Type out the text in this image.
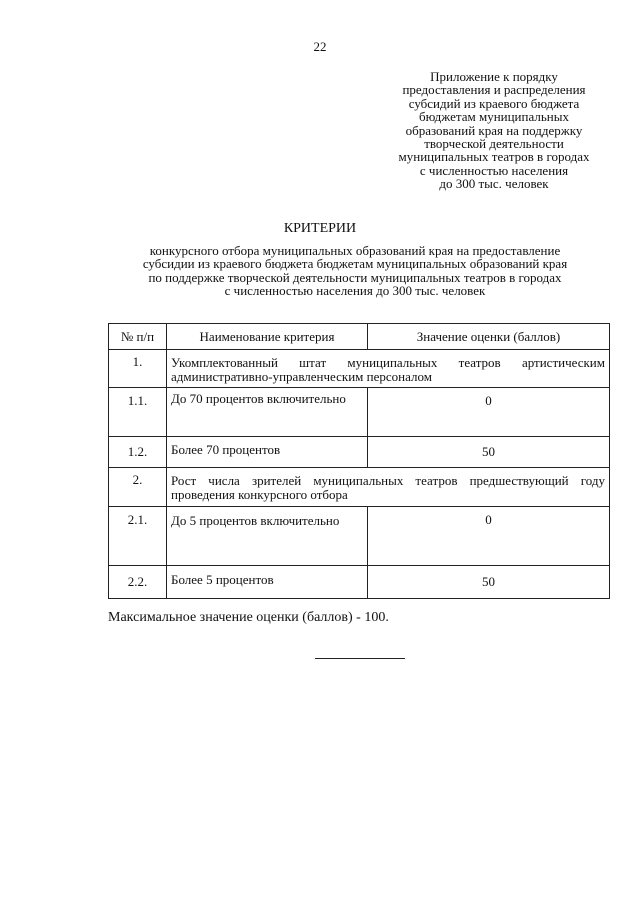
22
Приложение к порядку
предоставления и распределения
субсидий из краевого бюджета
бюджетам муниципальных
образований края на поддержку
творческой деятельности
муниципальных театров в городах
с численностью населения
до 300 тыс. человек
КРИТЕРИИ
конкурсного отбора муниципальных образований края на предоставление
субсидии из краевого бюджета бюджетам муниципальных образований края
по поддержке творческой деятельности муниципальных театров в городах
с численностью населения до 300 тыс. человек
№ п/п	Наименование критерия	Значение оценки (баллов)
1.	Укомплектованный штат муниципальных театров артистическим административно-управленческим персоналом	
1.1.	До 70 процентов включительно	0
1.2.	Более 70 процентов	50
2.	Рост числа зрителей муниципальных театров предшествующий году проведения конкурсного отбора	
2.1.	До 5 процентов включительно	0
2.2.	Более 5 процентов	50
Максимальное значение оценки (баллов) - 100.
